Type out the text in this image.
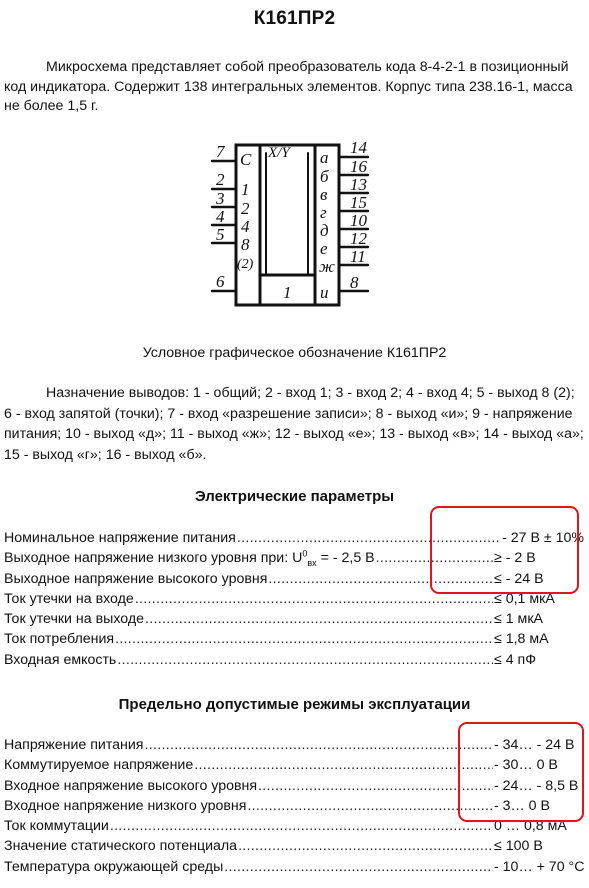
К161ПР2
Микросхема представляет собой преобразователь кода 8-4-2-1 в позиционный код индикатора. Содержит 138 интегральных элементов. Корпус типа 238.16-1, масса не более 1,5 г.
C X/Y a
1
2
4
8
(2)
б
в
г
д
е
ж
и
1
7
2
3
4
5
6
14
16
13
15
10
12
11
8
Условное графическое обозначение К161ПР2
Назначение выводов: 1 - общий; 2 - вход 1; 3 - вход 2; 4 - вход 4; 5 - выход 8 (2); 6 - вход запятой (точки); 7 - вход «разрешение записи»; 8 - выход «и»; 9 - напряжение питания; 10 - выход «д»; 11 - выход «ж»; 12 - выход «е»; 13 - выход «в»; 14 - выход «а»; 15 - выход «г»; 16 - выход «б».
Электрические параметры
Номинальное напряжение питания .....	- 27 В ± 10%
Выходное напряжение низкого уровня при: $U^0_{вх}$ = - 2,5 В .....	≥ - 2 В
Выходное напряжение высокого уровня .....	≤ - 24 В
Ток утечки на входе .....	≤ 0,1 мкА
Ток утечки на выходе .....	≤ 1 мкА
Ток потребления .....	≤ 1,8 мА
Входная емкость .....	≤ 4 пФ
Предельно допустимые режимы эксплуатации
Напряжение питания .....	- 34… - 24 В
Коммутируемое напряжение .....	- 30… 0 В
Входное напряжение высокого уровня .....	- 24… - 8,5 В
Входное напряжение низкого уровня .....	- 3… 0 В
Ток коммутации .....	0 … 0,8 мА
Значение статического потенциала .....	≤ 100 В
Температура окружающей среды .....	- 10… + 70 °С
